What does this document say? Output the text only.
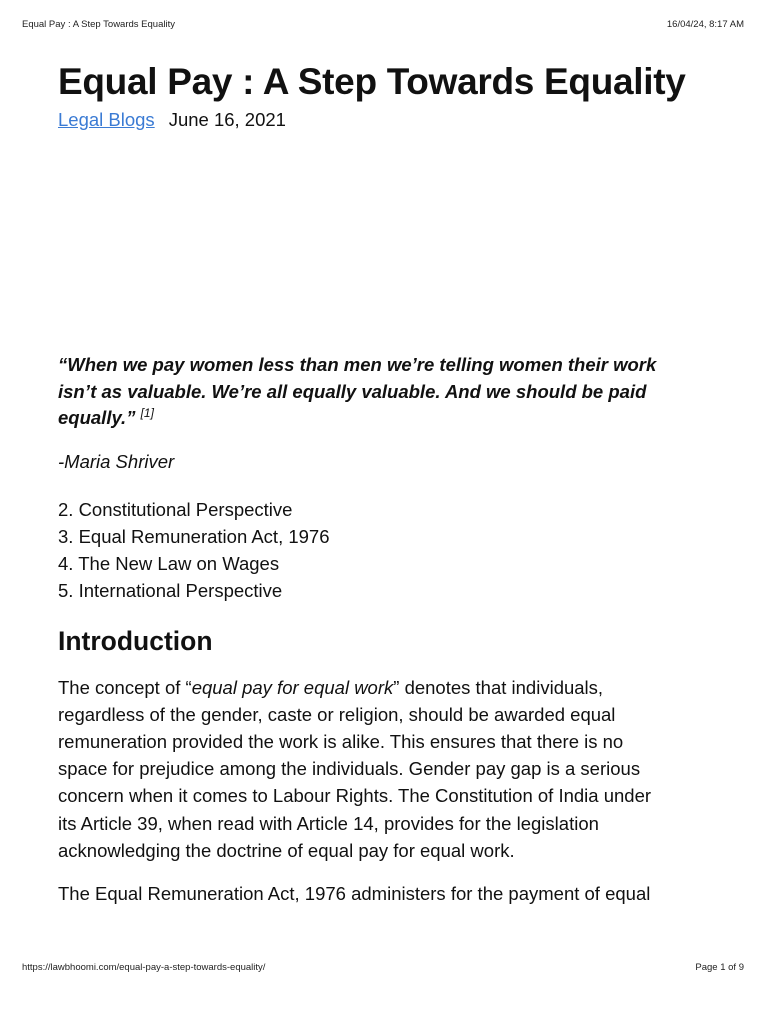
Equal Pay : A Step Towards Equality	16/04/24, 8:17 AM
Equal Pay : A Step Towards Equality
Legal Blogs June 16, 2021

“When we pay women less than men we’re telling women their work
isn’t as valuable. We’re all equally valuable. And we should be paid
equally.” [1]

-Maria Shriver

2. Constitutional Perspective
3. Equal Remuneration Act, 1976
4. The New Law on Wages
5. International Perspective
Introduction

The concept of “equal pay for equal work” denotes that individuals,
regardless of the gender, caste or religion, should be awarded equal
remuneration provided the work is alike. This ensures that there is no
space for prejudice among the individuals. Gender pay gap is a serious
concern when it comes to Labour Rights. The Constitution of India under
its Article 39, when read with Article 14, provides for the legislation
acknowledging the doctrine of equal pay for equal work.

The Equal Remuneration Act, 1976 administers for the payment of equal

https://lawbhoomi.com/equal-pay-a-step-towards-equality/	Page 1 of 9
